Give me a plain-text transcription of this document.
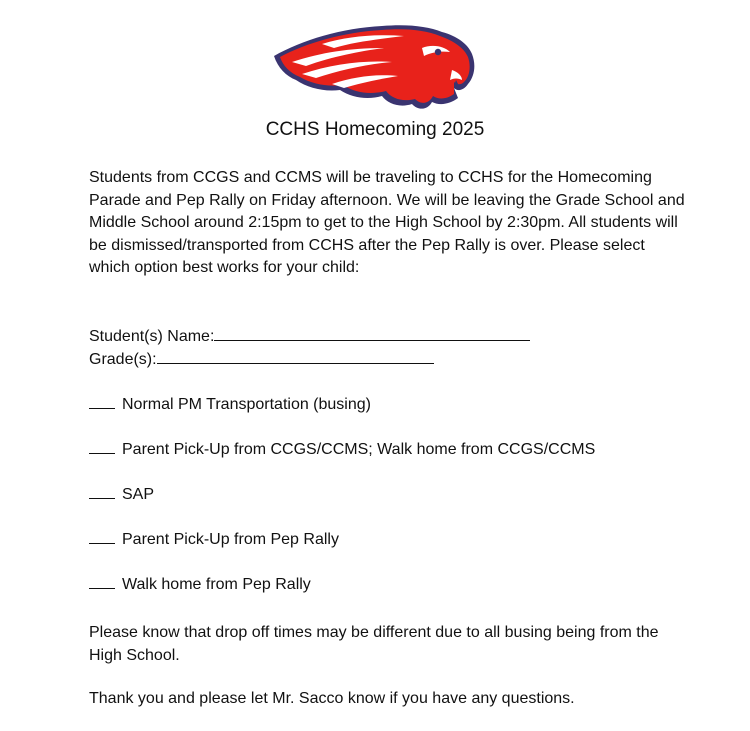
CCHS Homecoming 2025

Students from CCGS and CCMS will be traveling to CCHS for the Homecoming Parade and Pep Rally on Friday afternoon. We will be leaving the Grade School and Middle School around 2:15pm to get to the High School by 2:30pm. All students will be dismissed/transported from CCHS after the Pep Rally is over. Please select which option best works for your child:

Student(s) Name:
Grade(s):
Normal PM Transportation (busing)
Parent Pick-Up from CCGS/CCMS; Walk home from CCGS/CCMS
SAP
Parent Pick-Up from Pep Rally
Walk home from Pep Rally

Please know that drop off times may be different due to all busing being from the High School.

Thank you and please let Mr. Sacco know if you have any questions.
